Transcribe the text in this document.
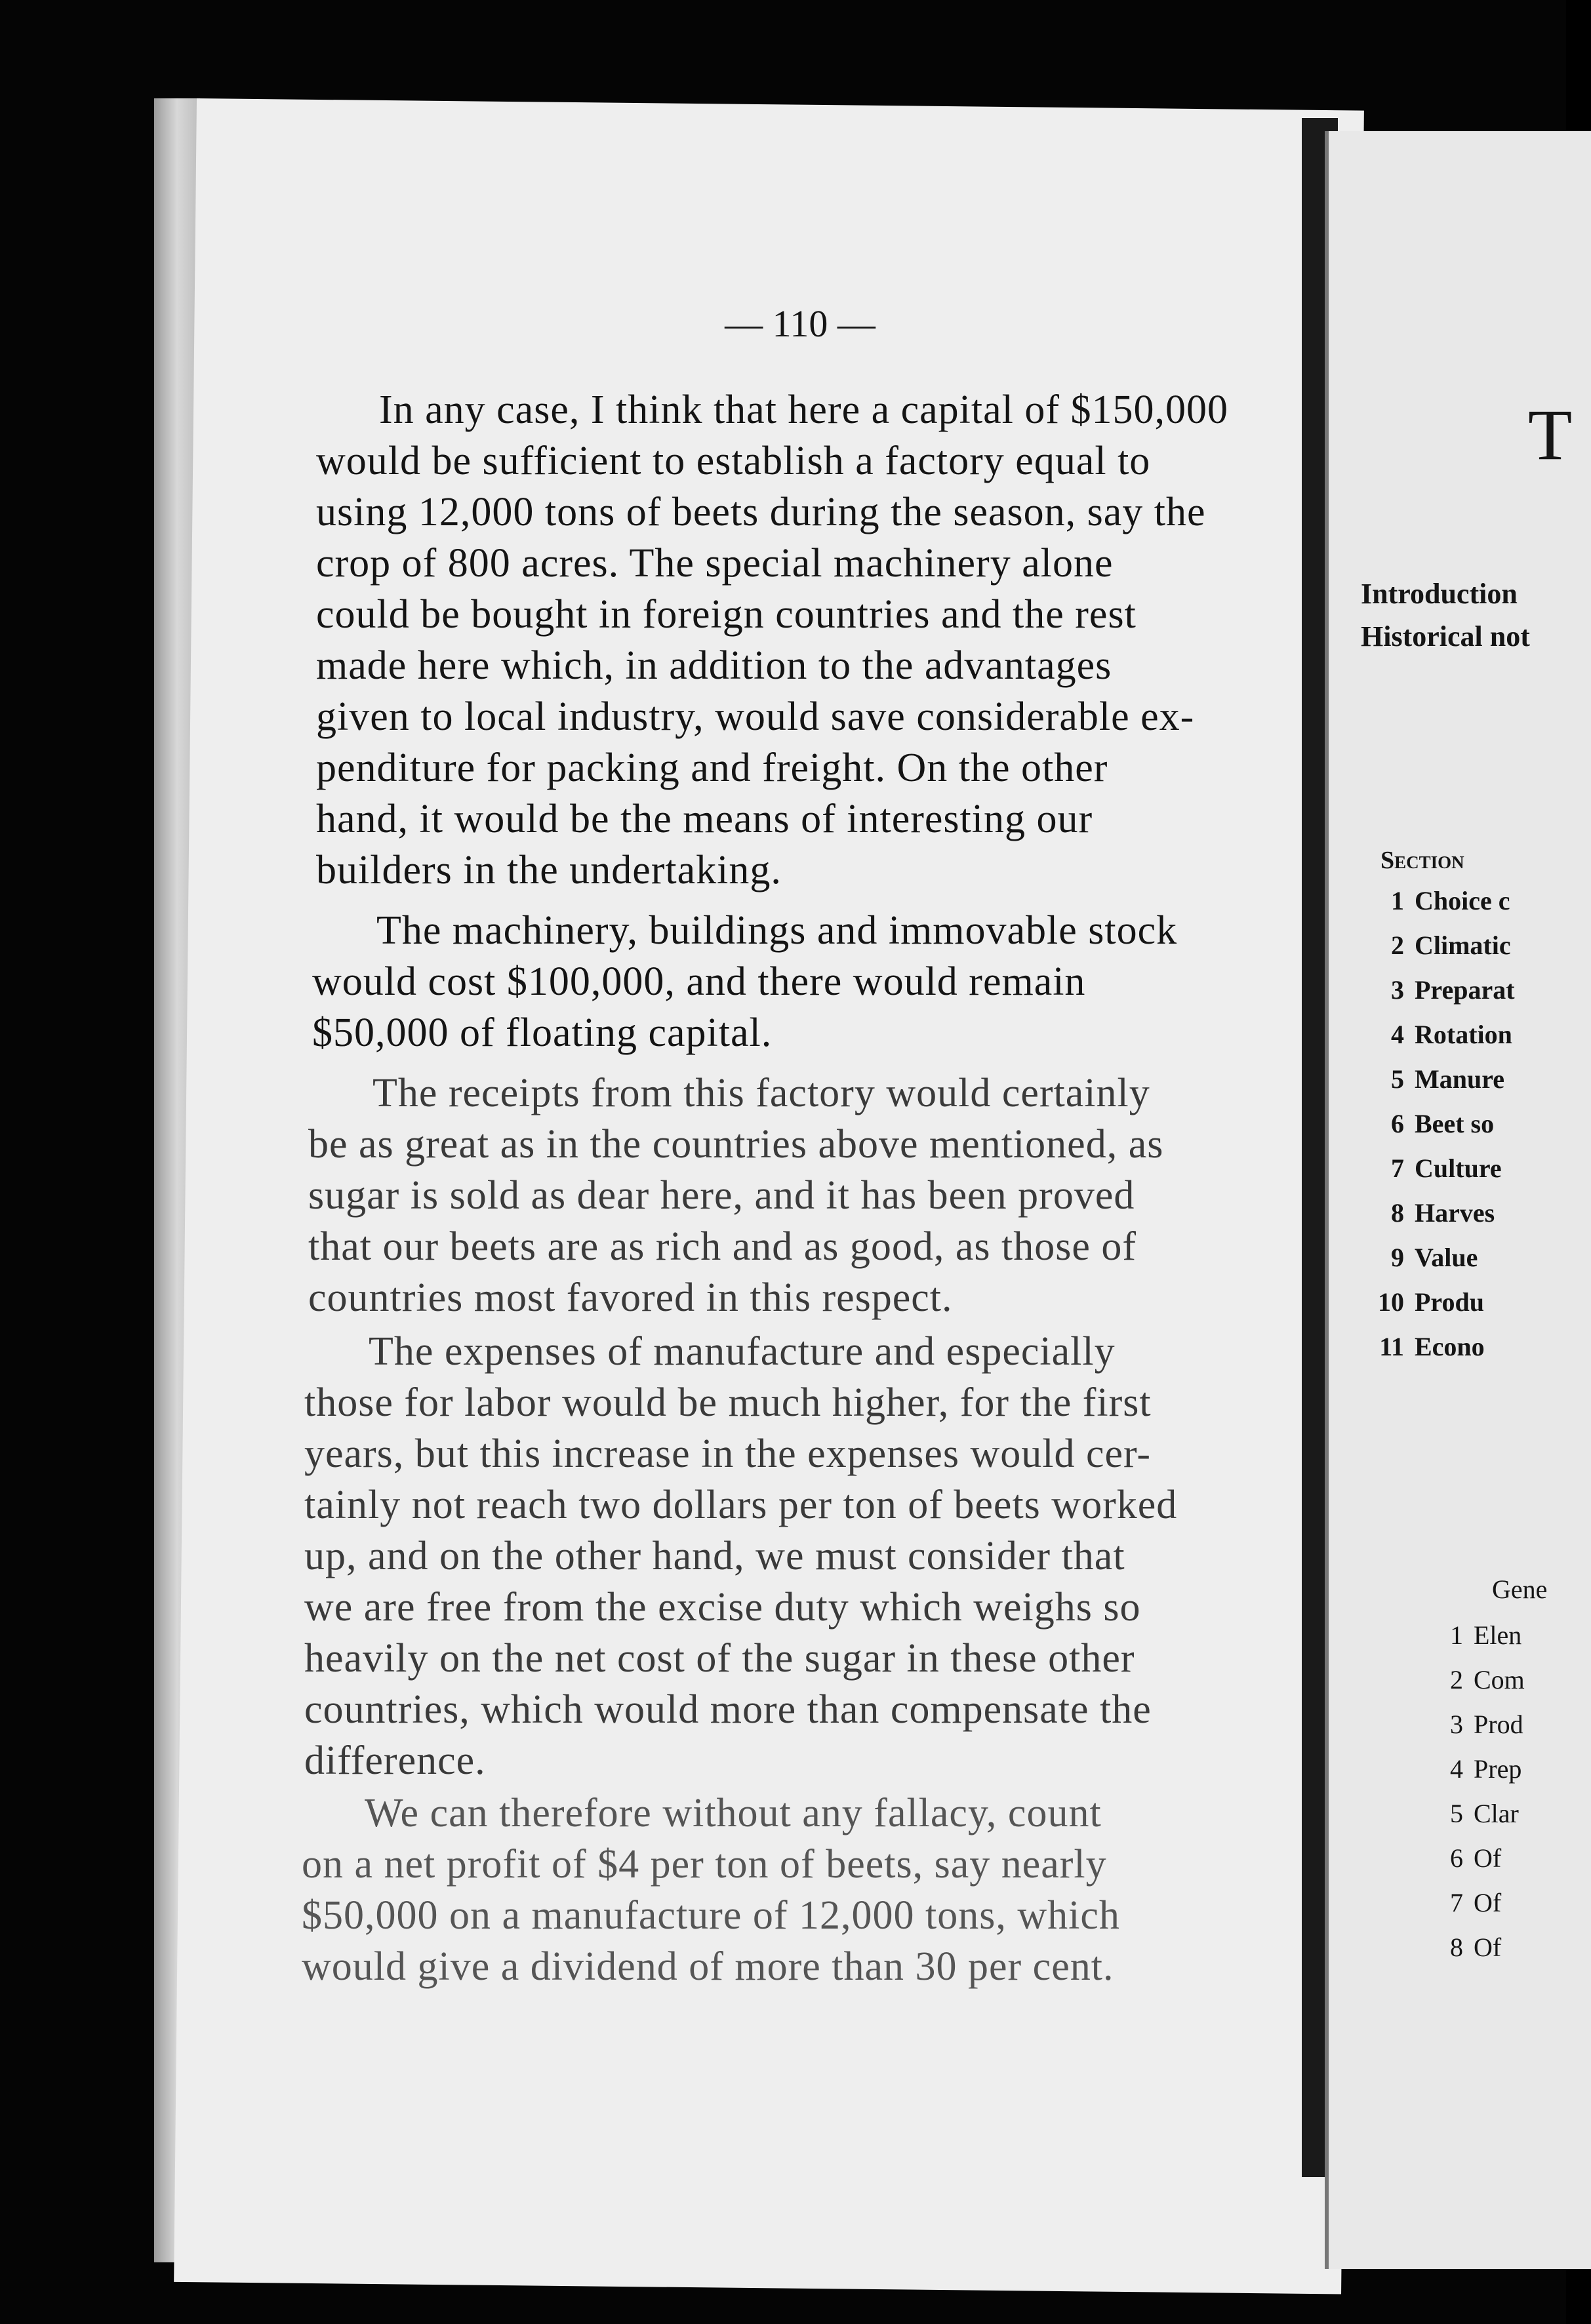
— 110 —
In any case, I think that here a capital of $150,000
would be sufficient to establish a factory equal to
using 12,000 tons of beets during the season, say the
crop of 800 acres. The special machinery alone
could be bought in foreign countries and the rest
made here which, in addition to the advantages
given to local industry, would save considerable ex-
penditure for packing and freight. On the other
hand, it would be the means of interesting our
builders in the undertaking.
The machinery, buildings and immovable stock
would cost $100,000, and there would remain
$50,000 of floating capital.
The receipts from this factory would certainly
be as great as in the countries above mentioned, as
sugar is sold as dear here, and it has been proved
that our beets are as rich and as good, as those of
countries most favored in this respect.
The expenses of manufacture and especially
those for labor would be much higher, for the first
years, but this increase in the expenses would cer-
tainly not reach two dollars per ton of beets worked
up, and on the other hand, we must consider that
we are free from the excise duty which weighs so
heavily on the net cost of the sugar in these other
countries, which would more than compensate the
difference.
We can therefore without any fallacy, count
on a net profit of $4 per ton of beets, say nearly
$50,000 on a manufacture of 12,000 tons, which
would give a dividend of more than 30 per cent.
T
Introduction
Historical not
Section
1 Choice c
2 Climatic
3 Preparat
4 Rotation
5 Manure
6 Beet so
7 Culture
8 Harves
9 Value
10 Produ
11 Econo
Gene
1 Elen
2 Com
3 Prod
4 Prep
5 Clar
6 Of
7 Of
8 Of
